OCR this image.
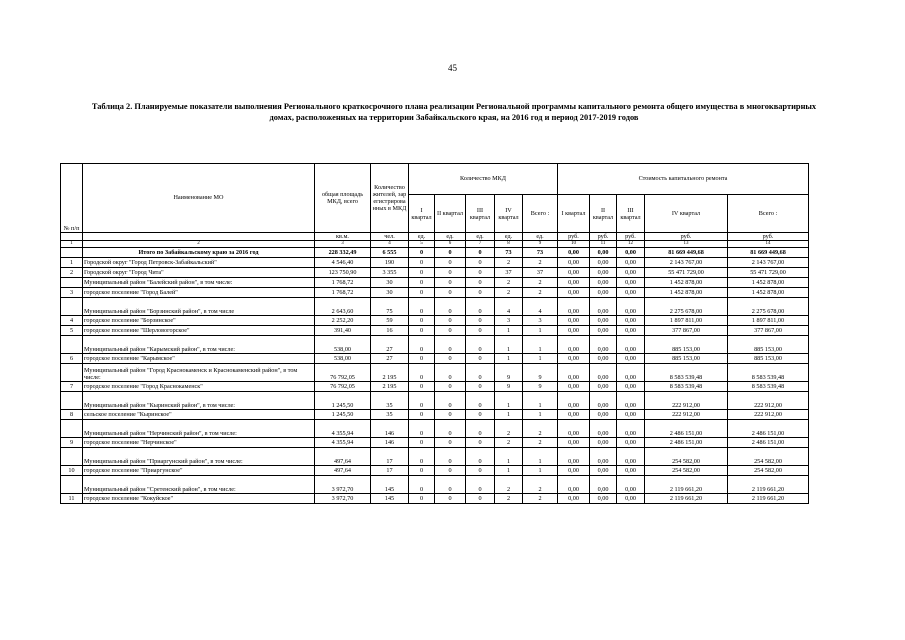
45
Таблица 2. Планируемые показатели выполнения Регионального краткосрочного плана реализации Региональной программы капитального ремонта общего имущества в многоквартирных домах, расположенных на территории Забайкальского края, на 2016 год и период 2017-2019 годов
№ п/п	Наименование МО	общая площадь МКД, всего	Количество жителей, зарегистрированных в МКД	Количество МКД					Стоимость капитального ремонта				
				I квартал	II квартал	III квартал	IV квартал	Всего :	I квартал	II квартал	III квартал	IV квартал	Всего :
		кв.м.	чел.	ед.	ед.	ед.	ед.	ед.	руб.	руб.	руб.	руб.	руб.
1	2	3	4	5	6	7	8	9	10	11	12	13	14
	Итого по Забайкальскому краю за 2016 год	228 332,49	6 555	0	0	0	73	73	0,00	0,00	0,00	81 669 449,68	81 669 449,68
1	Городской округ "Город Петровск-Забайкальский"	4 546,40	190	0	0	0	2	2	0,00	0,00	0,00	2 143 767,00	2 143 767,00
2	Городской округ "Город Чита"	123 750,90	3 355	0	0	0	37	37	0,00	0,00	0,00	55 471 729,00	55 471 729,00
	Муниципальный район "Балейский район", в том числе:	1 768,72	30	0	0	0	2	2	0,00	0,00	0,00	1 452 878,00	1 452 878,00
3	городское поселение "Город Балей"	1 768,72	30	0	0	0	2	2	0,00	0,00	0,00	1 452 878,00	1 452 878,00
	Муниципальный район "Борзинский район", в том числе	2 643,60	75	0	0	0	4	4	0,00	0,00	0,00	2 275 678,00	2 275 678,00
4	городское поселение "Борзинское"	2 252,20	59	0	0	0	3	3	0,00	0,00	0,00	1 897 811,00	1 897 811,00
5	городское поселение "Шерловогорское"	391,40	16	0	0	0	1	1	0,00	0,00	0,00	377 867,00	377 867,00
	Муниципальный район "Карымский район", в том числе:	538,00	27	0	0	0	1	1	0,00	0,00	0,00	885 153,00	885 153,00
6	городское поселение "Карымское"	538,00	27	0	0	0	1	1	0,00	0,00	0,00	885 153,00	885 153,00
	Муниципальный район "Город Краснокаменск и Краснокаменский район", в том числе:	76 792,05	2 195	0	0	0	9	9	0,00	0,00	0,00	8 583 539,48	8 583 539,48
7	городское поселение "Город Краснокаменск"	76 792,05	2 195	0	0	0	9	9	0,00	0,00	0,00	8 583 539,48	8 583 539,48
	Муниципальный район "Кыринский район", в том числе:	1 245,50	35	0	0	0	1	1	0,00	0,00	0,00	222 912,00	222 912,00
8	сельское поселение "Кыринское"	1 245,50	35	0	0	0	1	1	0,00	0,00	0,00	222 912,00	222 912,00
	Муниципальный район "Нерчинский район", в том числе:	4 355,94	146	0	0	0	2	2	0,00	0,00	0,00	2 486 151,00	2 486 151,00
9	городское поселение "Нерчинское"	4 355,94	146	0	0	0	2	2	0,00	0,00	0,00	2 486 151,00	2 486 151,00
	Муниципальный район "Приаргунский район", в том числе:	497,64	17	0	0	0	1	1	0,00	0,00	0,00	254 582,00	254 582,00
10	городское поселение "Приаргунское"	497,64	17	0	0	0	1	1	0,00	0,00	0,00	254 582,00	254 582,00
	Муниципальный район "Сретенский район", в том числе:	3 972,70	145	0	0	0	2	2	0,00	0,00	0,00	2 119 661,20	2 119 661,20
11	городское поселение "Кокуйское"	3 972,70	145	0	0	0	2	2	0,00	0,00	0,00	2 119 661,20	2 119 661,20
